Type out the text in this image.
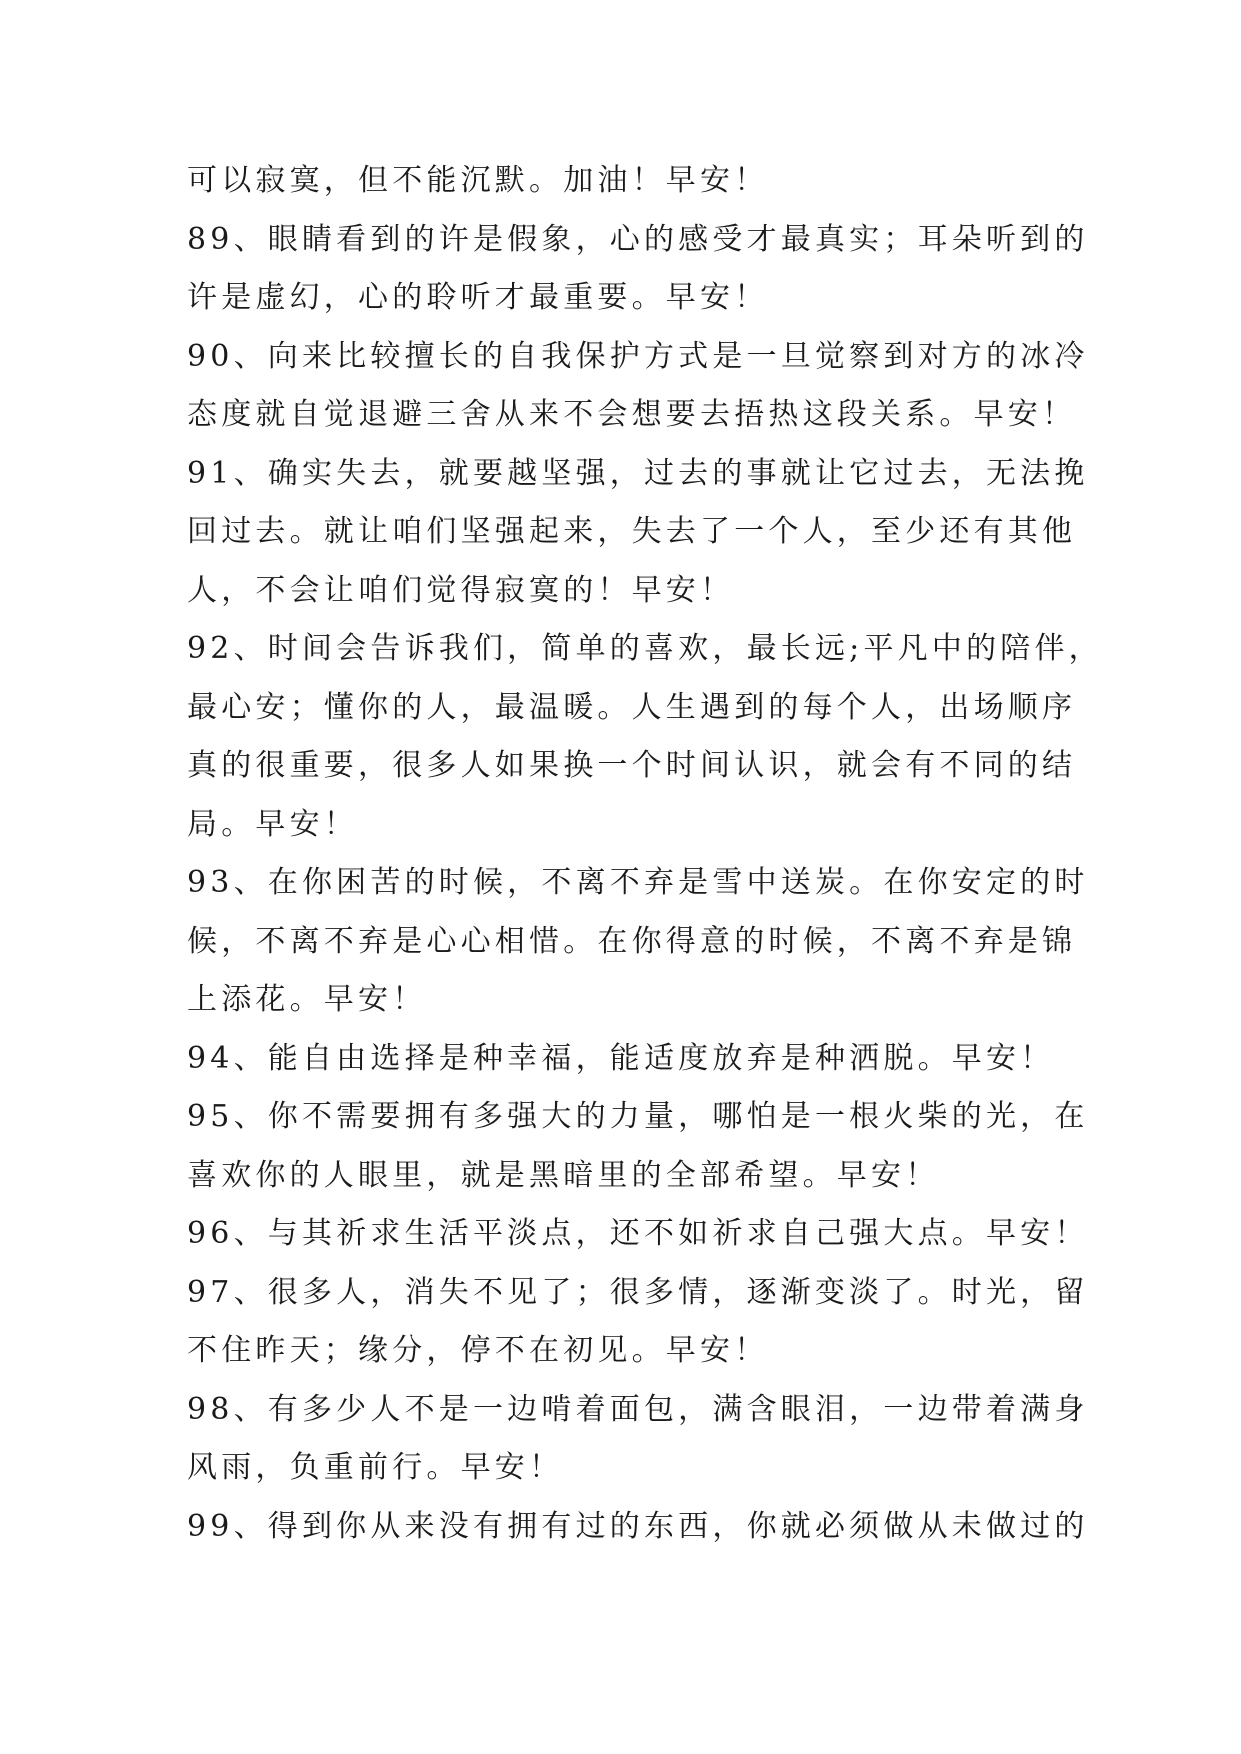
可以寂寞，但不能沉默。加油！早安！
89、眼睛看到的许是假象，心的感受才最真实；耳朵听到的
许是虚幻，心的聆听才最重要。早安！
90、向来比较擅长的自我保护方式是一旦觉察到对方的冰冷
态度就自觉退避三舍从来不会想要去捂热这段关系。早安！
91、确实失去，就要越坚强，过去的事就让它过去，无法挽
回过去。就让咱们坚强起来，失去了一个人，至少还有其他
人，不会让咱们觉得寂寞的！早安！
92、时间会告诉我们，简单的喜欢，最长远;平凡中的陪伴，
最心安；懂你的人，最温暖。人生遇到的每个人，出场顺序
真的很重要，很多人如果换一个时间认识，就会有不同的结
局。早安！
93、在你困苦的时候，不离不弃是雪中送炭。在你安定的时
候，不离不弃是心心相惜。在你得意的时候，不离不弃是锦
上添花。早安！
94、能自由选择是种幸福，能适度放弃是种洒脱。早安！
95、你不需要拥有多强大的力量，哪怕是一根火柴的光，在
喜欢你的人眼里，就是黑暗里的全部希望。早安！
96、与其祈求生活平淡点，还不如祈求自己强大点。早安！
97、很多人，消失不见了；很多情，逐渐变淡了。时光，留
不住昨天；缘分，停不在初见。早安！
98、有多少人不是一边啃着面包，满含眼泪，一边带着满身
风雨，负重前行。早安！
99、得到你从来没有拥有过的东西，你就必须做从未做过的
